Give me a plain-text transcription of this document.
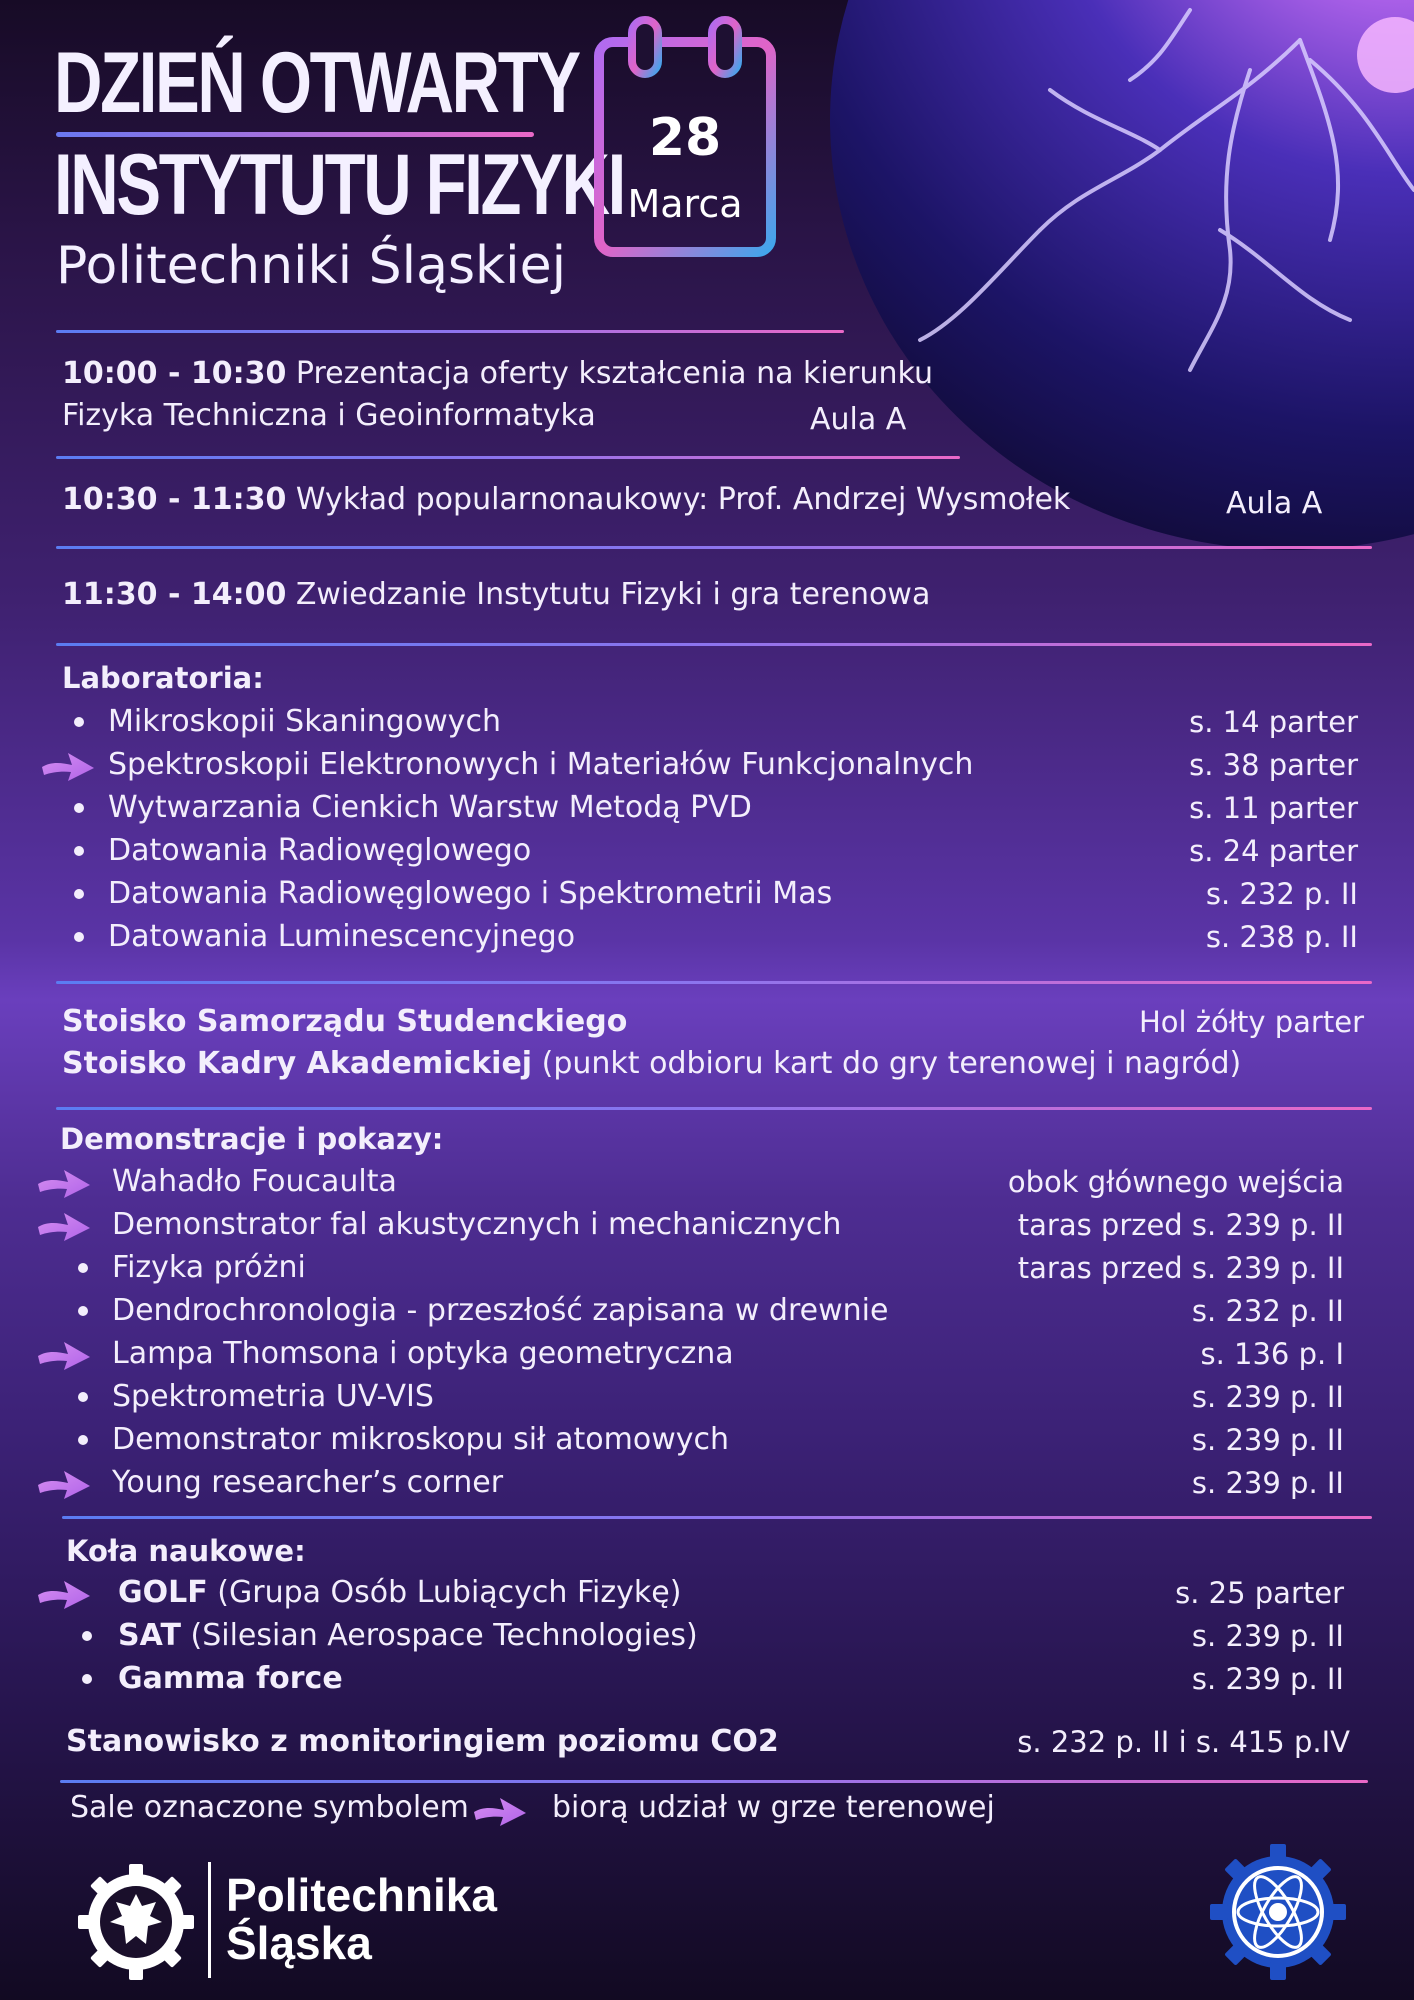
DZIEŃ OTWARTY
INSTYTUTU FIZYKI
Politechniki Śląskiej
28
Marca
10:00 - 10:30 Prezentacja oferty kształcenia na kierunku
Fizyka Techniczna i Geoinformatyka	Aula A
10:30 - 11:30 Wykład popularnonaukowy: Prof. Andrzej Wysmołek	Aula A
11:30 - 14:00 Zwiedzanie Instytutu Fizyki i gra terenowa
Laboratoria:
Mikroskopii Skaningowych	s. 14 parter
Spektroskopii Elektronowych i Materiałów Funkcjonalnych	s. 38 parter
Wytwarzania Cienkich Warstw Metodą PVD	s. 11 parter
Datowania Radiowęglowego	s. 24 parter
Datowania Radiowęglowego i Spektrometrii Mas	s. 232 p. II
Datowania Luminescencyjnego	s. 238 p. II
Stoisko Samorządu Studenckiego	Hol żółty parter
Stoisko Kadry Akademickiej (punkt odbioru kart do gry terenowej i nagród)
Demonstracje i pokazy:
Wahadło Foucaulta	obok głównego wejścia
Demonstrator fal akustycznych i mechanicznych	taras przed s. 239 p. II
Fizyka próżni	taras przed s. 239 p. II
Dendrochronologia - przeszłość zapisana w drewnie	s. 232 p. II
Lampa Thomsona i optyka geometryczna	s. 136 p. I
Spektrometria UV-VIS	s. 239 p. II
Demonstrator mikroskopu sił atomowych	s. 239 p. II
Young researcher’s corner	s. 239 p. II
Koła naukowe:
GOLF (Grupa Osób Lubiących Fizykę)	s. 25 parter
SAT (Silesian Aerospace Technologies)	s. 239 p. II
Gamma force	s. 239 p. II
Stanowisko z monitoringiem poziomu CO2	s. 232 p. II i s. 415 p.IV
Sale oznaczone symbolem	biorą udział w grze terenowej
Politechnika
Śląska
